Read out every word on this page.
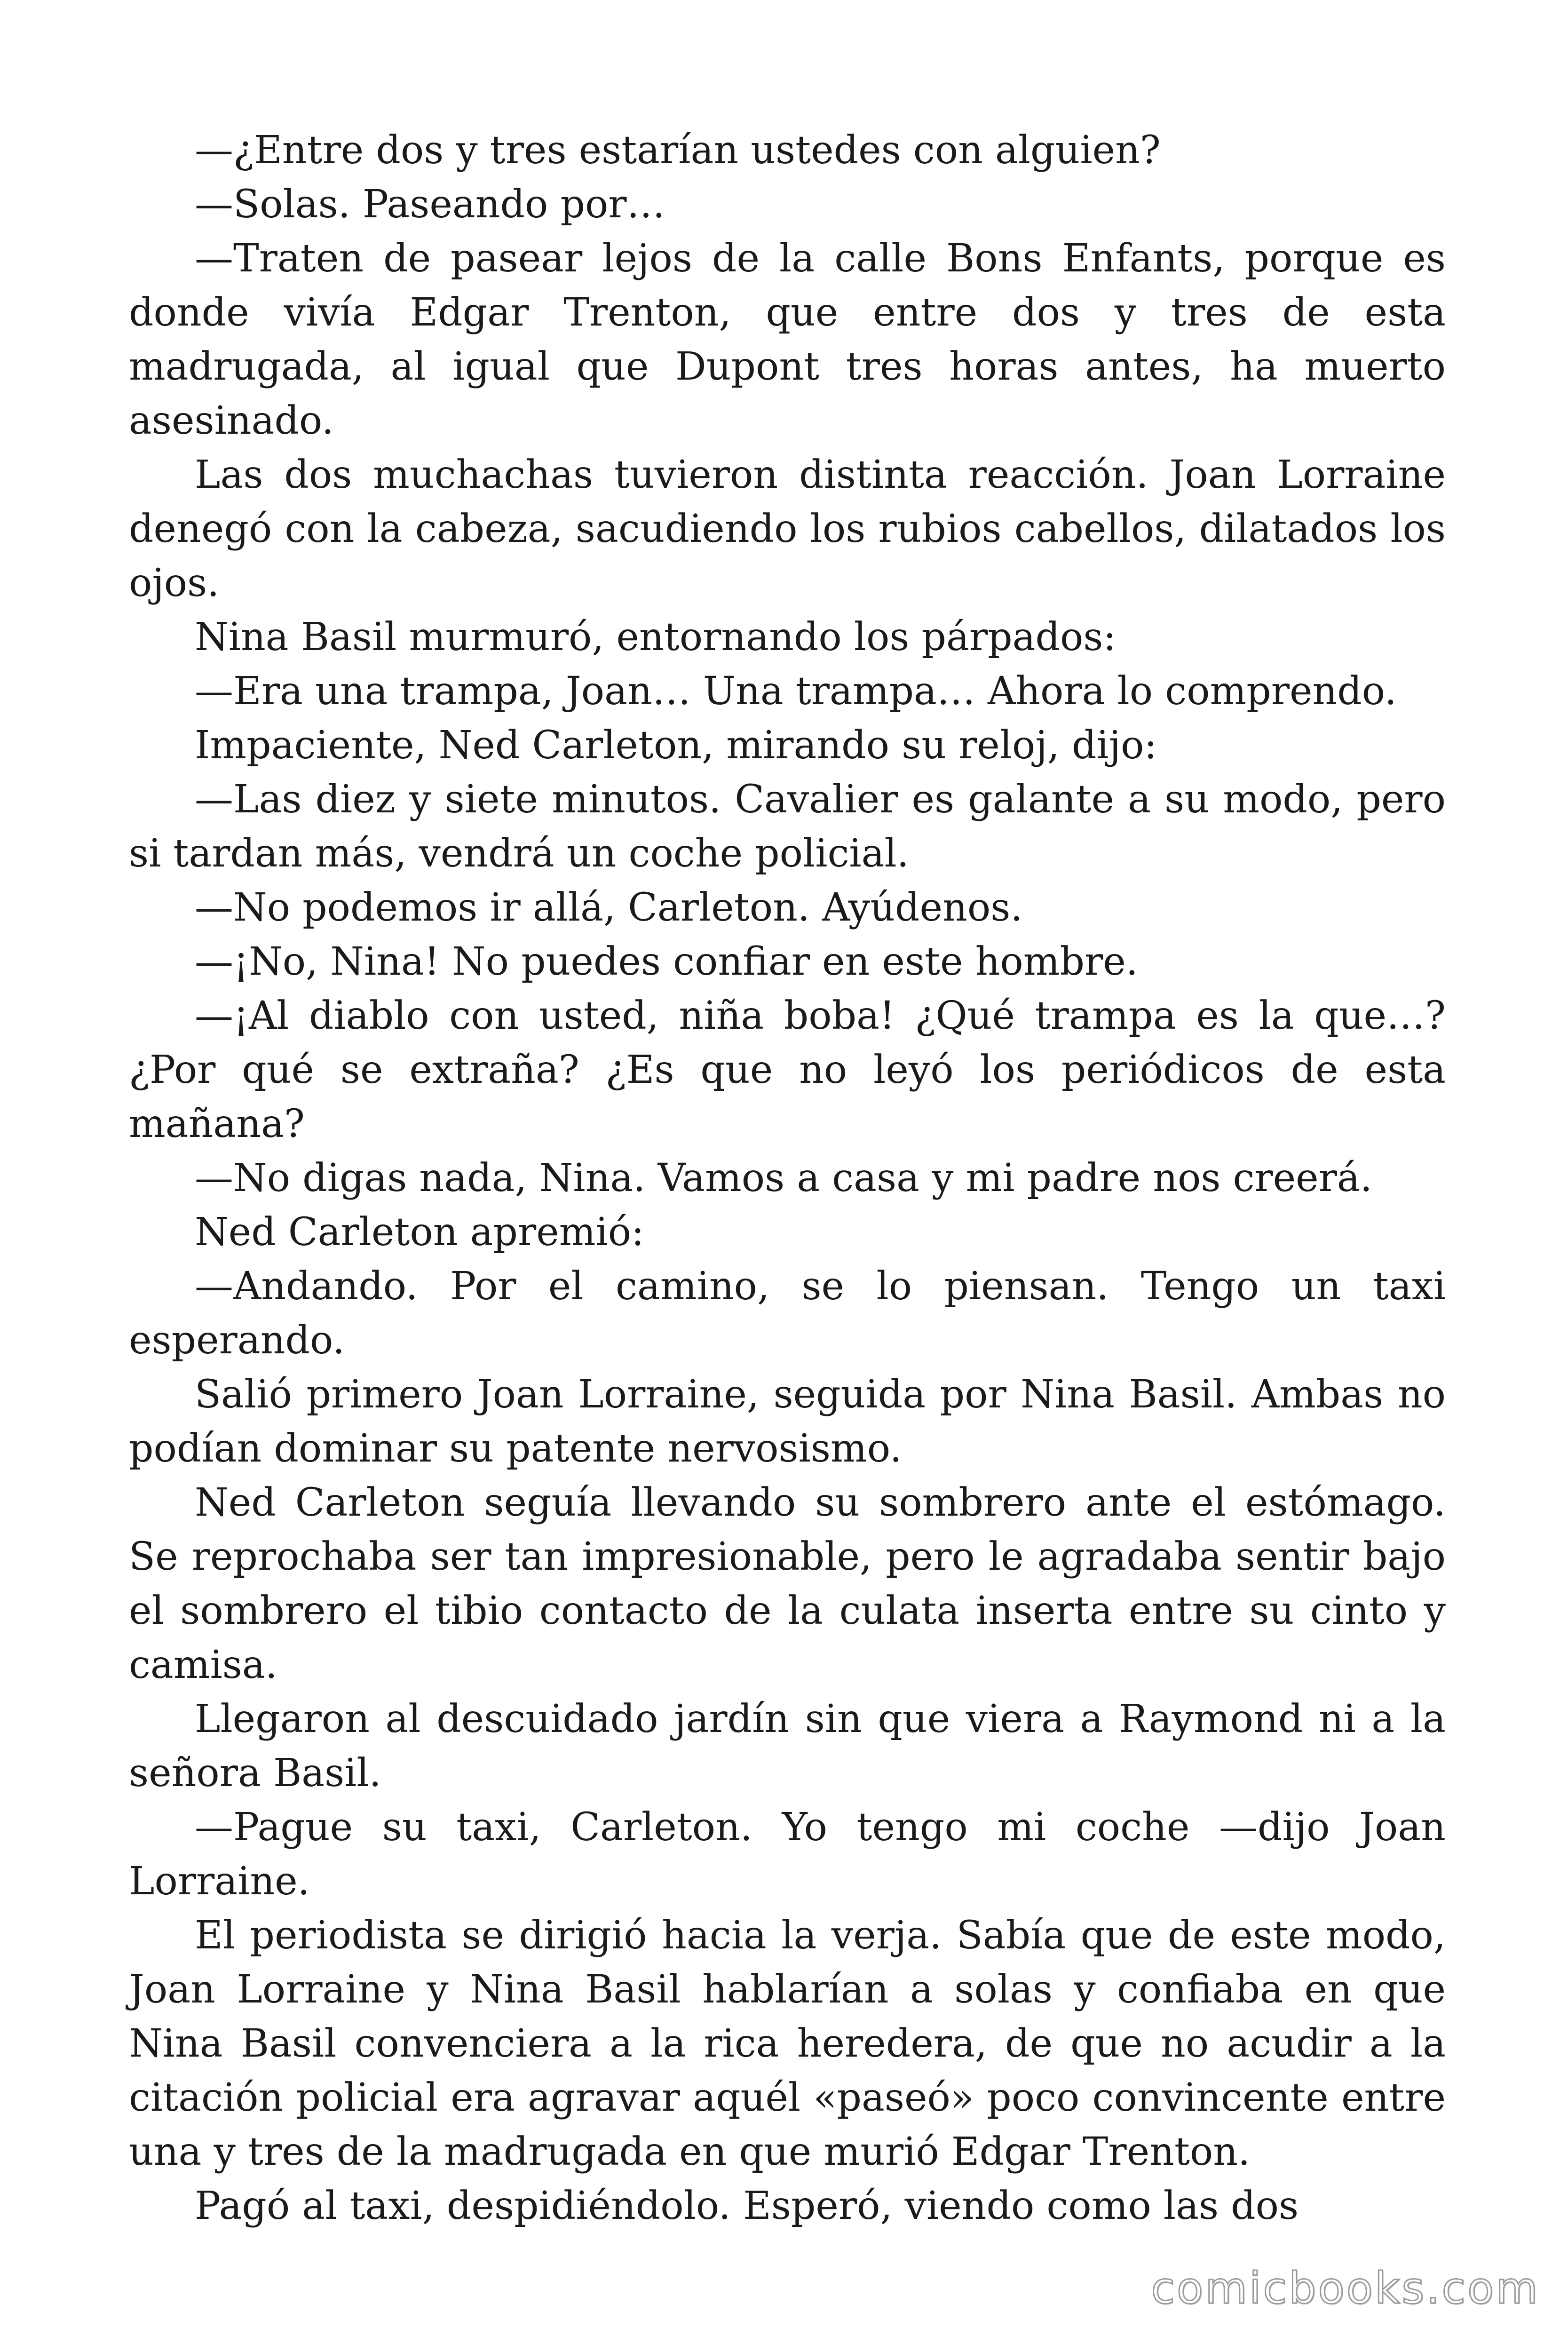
—¿Entre dos y tres estarían ustedes con alguien?

—Solas. Paseando por…

—Traten de pasear lejos de la calle Bons Enfants, porque es donde vivía Edgar Trenton, que entre dos y tres de esta madrugada, al igual que Dupont tres horas antes, ha muerto asesinado.

Las dos muchachas tuvieron distinta reacción. Joan Lorraine denegó con la cabeza, sacudiendo los rubios cabellos, dilatados los ojos.

Nina Basil murmuró, entornando los párpados:

—Era una trampa, Joan… Una trampa… Ahora lo comprendo.

Impaciente, Ned Carleton, mirando su reloj, dijo:

—Las diez y siete minutos. Cavalier es galante a su modo, pero si tardan más, vendrá un coche policial.

—No podemos ir allá, Carleton. Ayúdenos.

—¡No, Nina! No puedes confiar en este hombre.

—¡Al diablo con usted, niña boba! ¿Qué trampa es la que…? ¿Por qué se extraña? ¿Es que no leyó los periódicos de esta mañana?

—No digas nada, Nina. Vamos a casa y mi padre nos creerá.

Ned Carleton apremió:

—Andando. Por el camino, se lo piensan. Tengo un taxi esperando.

Salió primero Joan Lorraine, seguida por Nina Basil. Ambas no podían dominar su patente nervosismo.

Ned Carleton seguía llevando su sombrero ante el estómago. Se reprochaba ser tan impresionable, pero le agradaba sentir bajo el sombrero el tibio contacto de la culata inserta entre su cinto y camisa.

Llegaron al descuidado jardín sin que viera a Raymond ni a la señora Basil.

—Pague su taxi, Carleton. Yo tengo mi coche —dijo Joan Lorraine.

El periodista se dirigió hacia la verja. Sabía que de este modo, Joan Lorraine y Nina Basil hablarían a solas y confiaba en que Nina Basil convenciera a la rica heredera, de que no acudir a la citación policial era agravar aquél «paseó» poco convincente entre una y tres de la madrugada en que murió Edgar Trenton.

Pagó al taxi, despidiéndolo. Esperó, viendo como las dos

comicbooks.com
